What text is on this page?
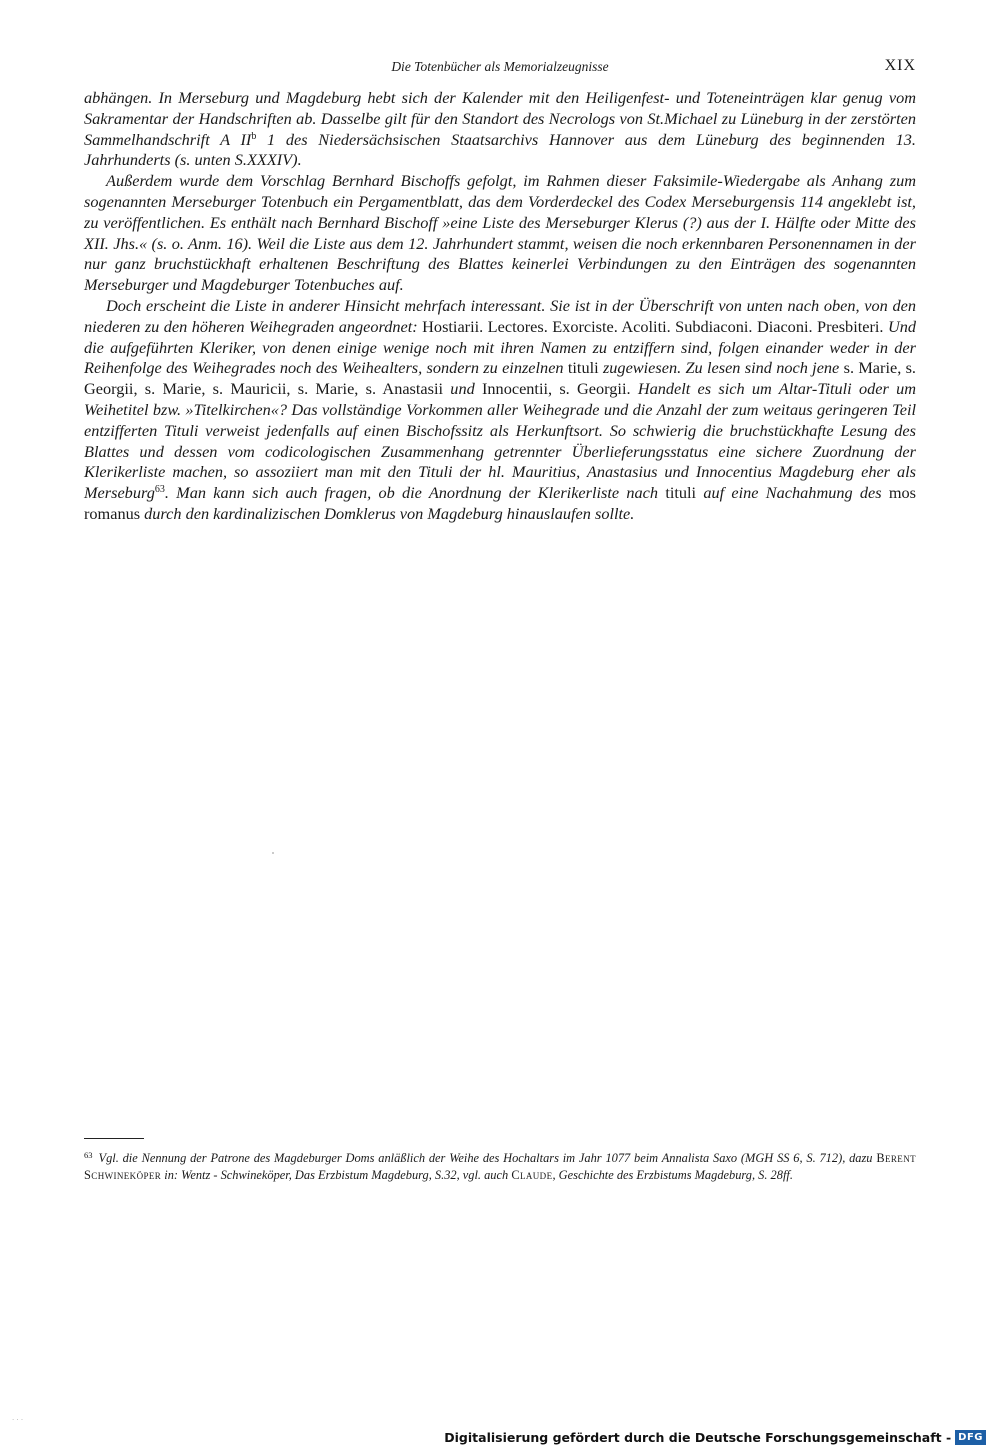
Die Totenbücher als Memorialzeugnisse	XIX

abhängen. In Merseburg und Magdeburg hebt sich der Kalender mit den Heiligenfest- und Toteneinträgen klar genug vom Sakramentar der Handschriften ab. Dasselbe gilt für den Standort des Necrologs von St.Michael zu Lüneburg in der zerstörten Sammelhandschrift A $II^b$ 1 des Niedersächsischen Staatsarchivs Hannover aus dem Lüneburg des beginnenden 13. Jahrhunderts (s. unten S.XXXIV).

Außerdem wurde dem Vorschlag Bernhard Bischoffs gefolgt, im Rahmen dieser Faksimile-Wiedergabe als Anhang zum sogenannten Merseburger Totenbuch ein Pergamentblatt, das dem Vorderdeckel des Codex Merseburgensis 114 angeklebt ist, zu veröffentlichen. Es enthält nach Bernhard Bischoff »eine Liste des Merseburger Klerus (?) aus der I. Hälfte oder Mitte des XII. Jhs.« (s. o. Anm. 16). Weil die Liste aus dem 12. Jahrhundert stammt, weisen die noch erkennbaren Personennamen in der nur ganz bruchstückhaft erhaltenen Beschriftung des Blattes keinerlei Verbindungen zu den Einträgen des sogenannten Merseburger und Magdeburger Totenbuches auf.

Doch erscheint die Liste in anderer Hinsicht mehrfach interessant. Sie ist in der Überschrift von unten nach oben, von den niederen zu den höheren Weihegraden angeordnet: Hostiarii. Lectores. Exorciste. Acoliti. Subdiaconi. Diaconi. Presbiteri. Und die aufgeführten Kleriker, von denen einige wenige noch mit ihren Namen zu entziffern sind, folgen einander weder in der Reihenfolge des Weihegrades noch des Weihealters, sondern zu einzelnen tituli zugewiesen. Zu lesen sind noch jene s. Marie, s. Georgii, s. Marie, s. Mauricii, s. Marie, s. Anastasii und Innocentii, s. Georgii. Handelt es sich um Altar-Tituli oder um Weihetitel bzw. »Titelkirchen«? Das vollständige Vorkommen aller Weihegrade und die Anzahl der zum weitaus geringeren Teil entzifferten Tituli verweist jedenfalls auf einen Bischofssitz als Herkunftsort. So schwierig die bruchstückhafte Lesung des Blattes und dessen vom codicologischen Zusammenhang getrennter Überlieferungsstatus eine sichere Zuordnung der Klerikerliste machen, so assoziiert man mit den Tituli der hl. Mauritius, Anastasius und Innocentius Magdeburg eher als Merseburg$^{63}$. Man kann sich auch fragen, ob die Anordnung der Klerikerliste nach tituli auf eine Nachahmung des mos romanus durch den kardinalizischen Domklerus von Magdeburg hinauslaufen sollte.

$^{63}$ Vgl. die Nennung der Patrone des Magdeburger Doms anläßlich der Weihe des Hochaltars im Jahr 1077 beim Annalista Saxo (MGH SS 6, S. 712), dazu Berent Schwineköper in: Wentz - Schwineköper, Das Erzbistum Magdeburg, S.32, vgl. auch Claude, Geschichte des Erzbistums Magdeburg, S. 28ff.
· · ·
Digitalisierung gefördert durch die Deutsche Forschungsgemeinschaft - DFG
